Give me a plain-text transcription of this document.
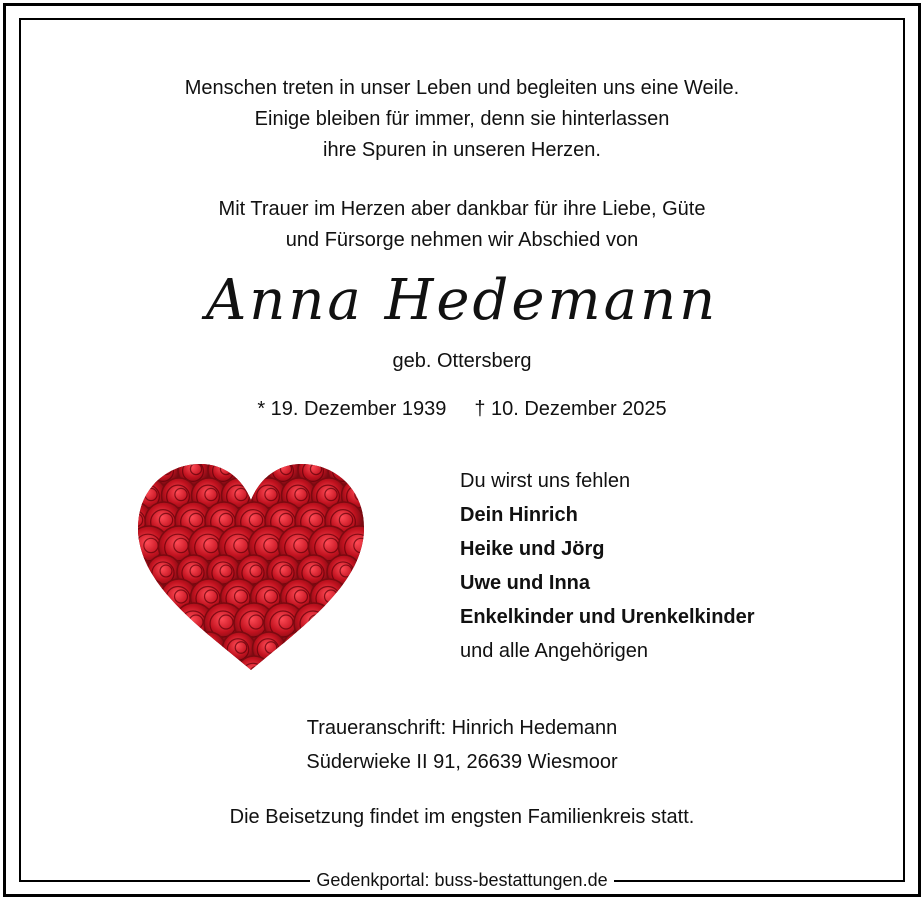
Menschen treten in unser Leben und begleiten uns eine Weile.
Einige bleiben für immer, denn sie hinterlassen
ihre Spuren in unseren Herzen.
Mit Trauer im Herzen aber dankbar für ihre Liebe, Güte
und Fürsorge nehmen wir Abschied von
Anna Hedemann
geb. Ottersberg
* 19. Dezember 1939 † 10. Dezember 2025
Du wirst uns fehlen
Dein Hinrich
Heike und Jörg
Uwe und Inna
Enkelkinder und Urenkelkinder
und alle Angehörigen
Traueranschrift: Hinrich Hedemann
Süderwieke II 91, 26639 Wiesmoor
Die Beisetzung findet im engsten Familienkreis statt.
Gedenkportal: buss-bestattungen.de
